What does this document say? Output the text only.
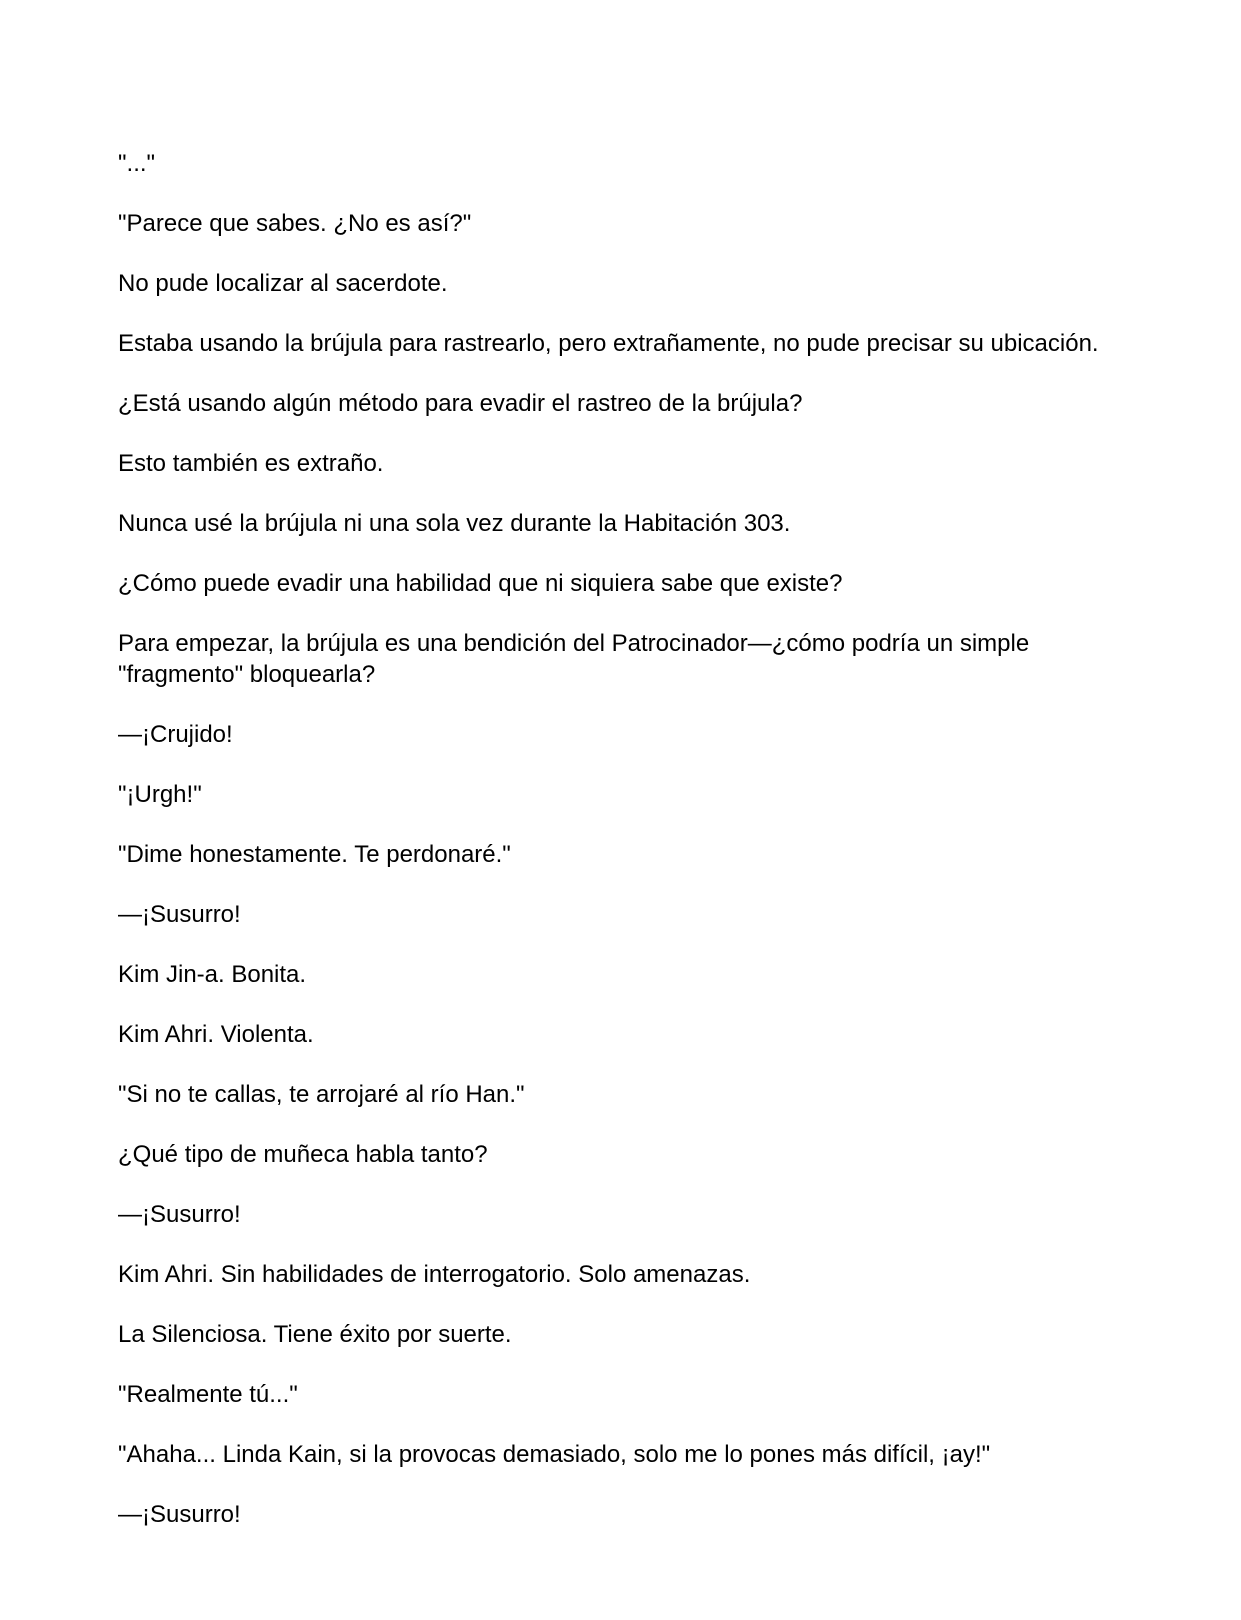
"..."

"Parece que sabes. ¿No es así?"

No pude localizar al sacerdote.

Estaba usando la brújula para rastrearlo, pero extrañamente, no pude precisar su ubicación.

¿Está usando algún método para evadir el rastreo de la brújula?

Esto también es extraño.

Nunca usé la brújula ni una sola vez durante la Habitación 303.

¿Cómo puede evadir una habilidad que ni siquiera sabe que existe?

Para empezar, la brújula es una bendición del Patrocinador—¿cómo podría un simple "fragmento" bloquearla?

—¡Crujido!

"¡Urgh!"

"Dime honestamente. Te perdonaré."

—¡Susurro!

Kim Jin-a. Bonita.

Kim Ahri. Violenta.

"Si no te callas, te arrojaré al río Han."

¿Qué tipo de muñeca habla tanto?

—¡Susurro!

Kim Ahri. Sin habilidades de interrogatorio. Solo amenazas.

La Silenciosa. Tiene éxito por suerte.

"Realmente tú..."

"Ahaha... Linda Kain, si la provocas demasiado, solo me lo pones más difícil, ¡ay!"

—¡Susurro!
